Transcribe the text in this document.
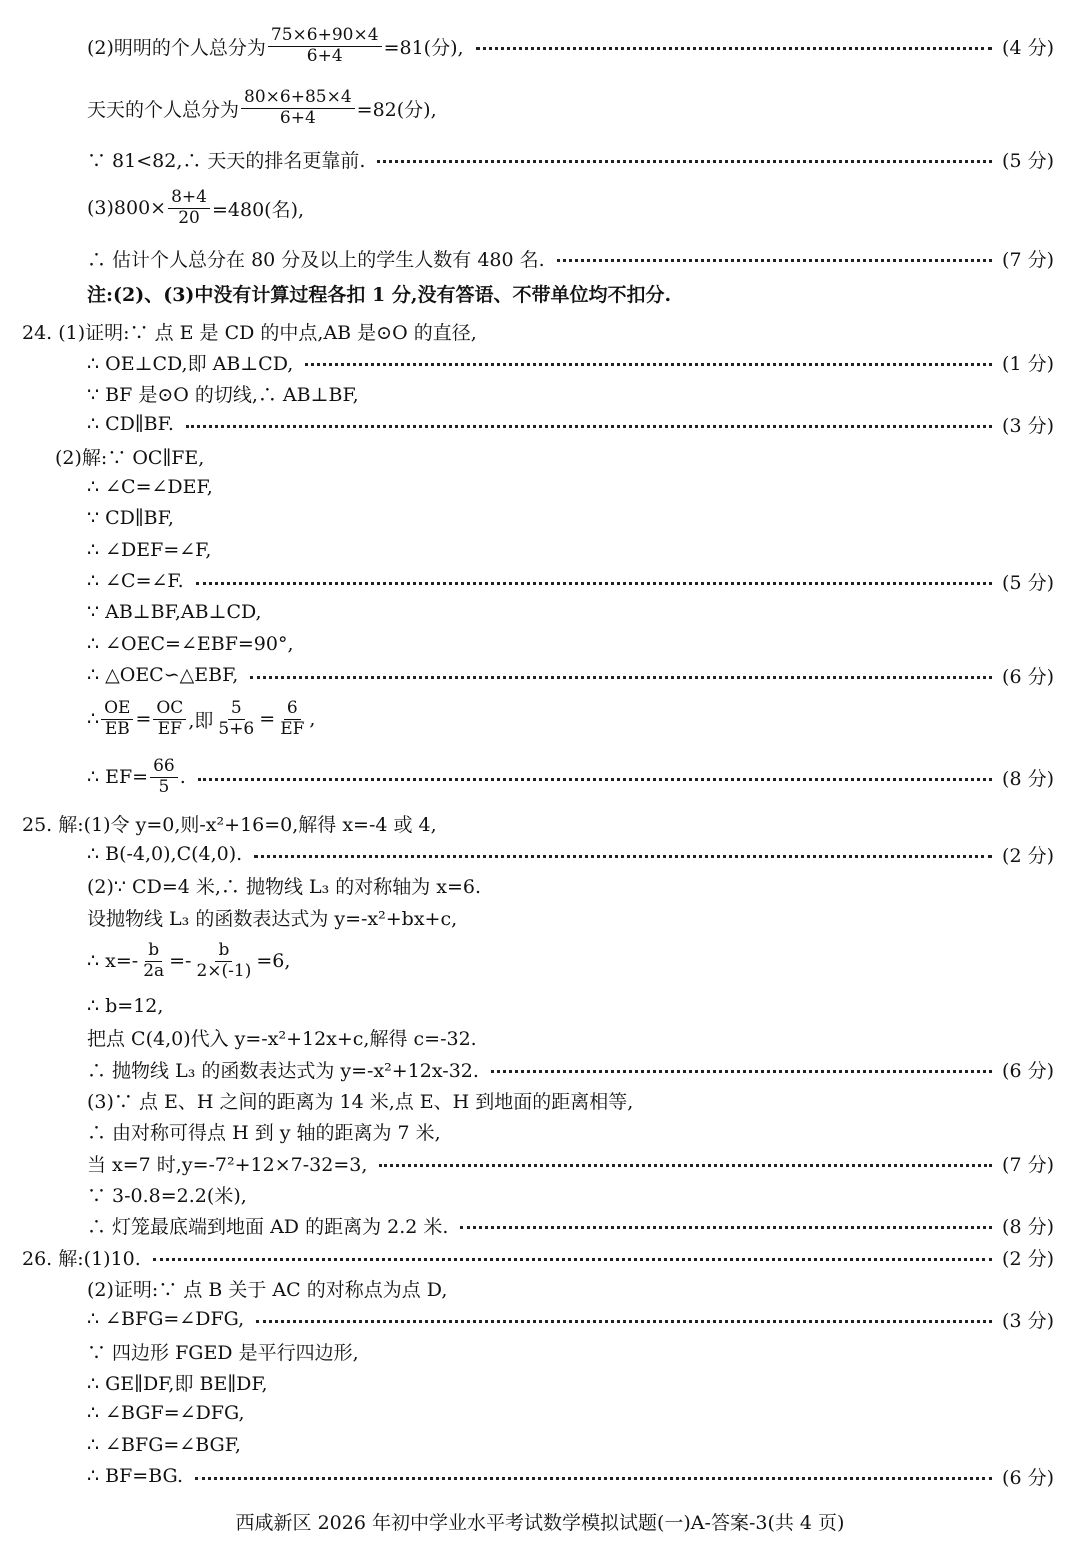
(2)明明的个人总分为 $\frac{75\times 6+90\times 4}{6+4} =81$(分),	(4 分)
天天的个人总分为 $\frac{80\times 6+85\times 4}{6+4} =82$(分),
∵ 81<82,∴ 天天的排名更靠前.	(5 分)
$(3)800\times \frac{8+4}{20} =480$(名),
∴ 估计个人总分在 80 分及以上的学生人数有 480 名.	(7 分)
注:(2)、(3)中没有计算过程各扣 1 分,没有答语、不带单位均不扣分.
24. (1)证明:∵ 点 E 是 CD 的中点,AB 是⊙O 的直径,
∴ OE⊥CD,即 AB⊥CD,	(1 分)
∵ BF 是⊙O 的切线,∴ AB⊥BF,
∴ CD∥BF.	(3 分)
(2)解:∵ OC∥FE,
∴ ∠C=∠DEF,
∵ CD∥BF,
∴ ∠DEF=∠F,
∴ ∠C=∠F.	(5 分)
∵ AB⊥BF,AB⊥CD,
∴ ∠OEC=∠EBF=90°,
∴ △OEC∽△EBF,	(6 分)
∴ $\frac{OE}{EB} = \frac{OC}{EF}$ ,即 $\frac{5}{5+6} = \frac{6}{EF}$ ,
∴ $EF= \frac{66}{5}$ .	(8 分)
25. 解:(1)令 y=0,则-x²+16=0,解得 x=-4 或 4,
∴ B(-4,0),C(4,0).	(2 分)
(2)∵ CD=4 米,∴ 抛物线 L₃ 的对称轴为 x=6.
设抛物线 L₃ 的函数表达式为 y=-x²+bx+c,
∴ $x=- \frac{b}{2a} =- \frac{b}{2\times(-1)} =6$,
∴ b=12,
把点 C(4,0)代入 y=-x²+12x+c,解得 c=-32.
∴ 抛物线 L₃ 的函数表达式为 y=-x²+12x-32.	(6 分)
(3)∵ 点 E、H 之间的距离为 14 米,点 E、H 到地面的距离相等,
∴ 由对称可得点 H 到 y 轴的距离为 7 米,
当 x=7 时,y=-7²+12×7-32=3,	(7 分)
∵ 3-0.8=2.2(米),
∴ 灯笼最底端到地面 AD 的距离为 2.2 米.	(8 分)
26. 解:(1)10.	(2 分)
(2)证明:∵ 点 B 关于 AC 的对称点为点 D,
∴ ∠BFG=∠DFG,	(3 分)
∵ 四边形 FGED 是平行四边形,
∴ GE∥DF,即 BE∥DF,
∴ ∠BGF=∠DFG,
∴ ∠BFG=∠BGF,
∴ BF=BG.	(6 分)
西咸新区 2026 年初中学业水平考试数学模拟试题(一)A-答案-3(共 4 页)
